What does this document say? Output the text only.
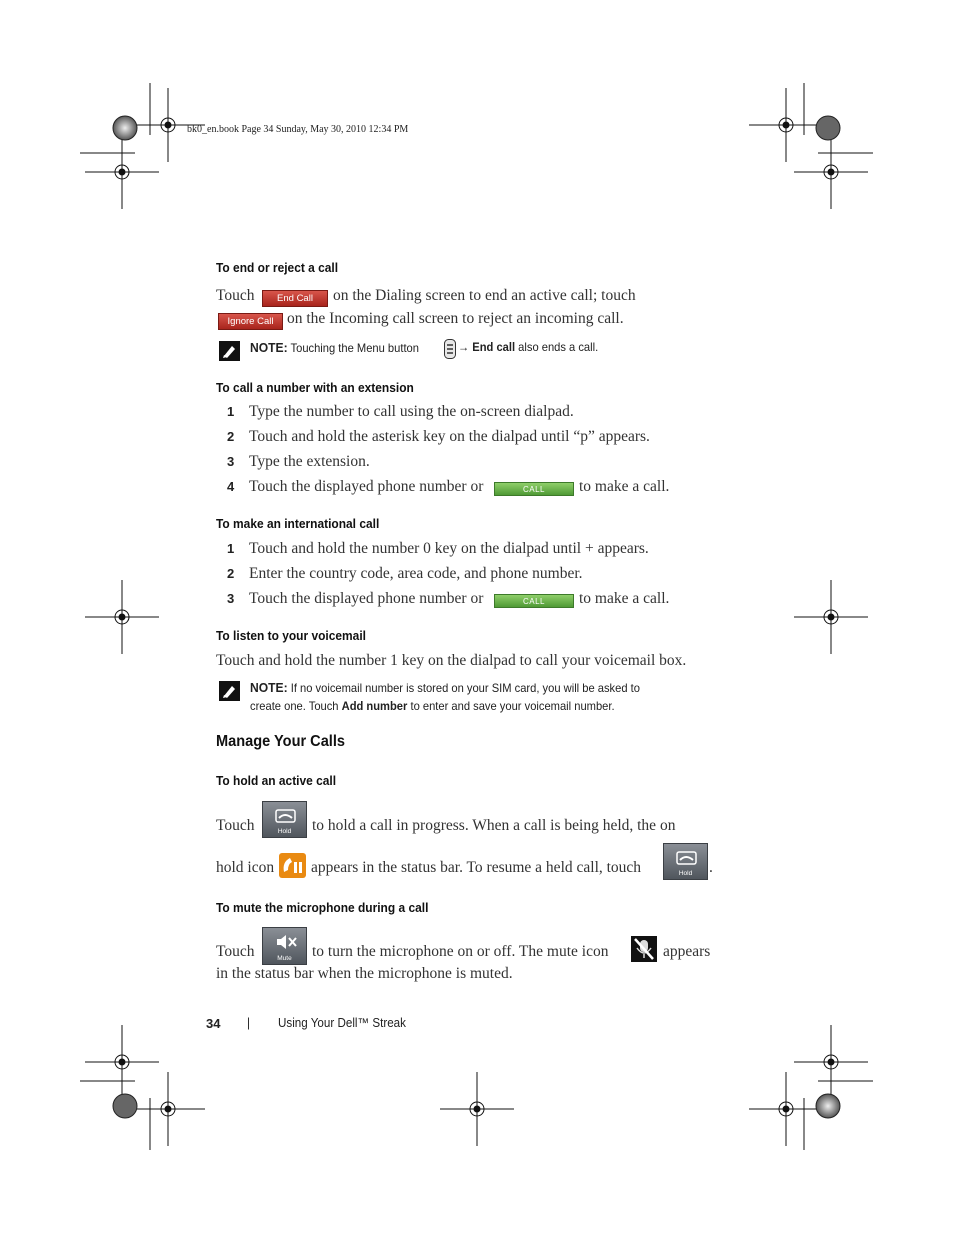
bk0_en.book Page 34 Sunday, May 30, 2010 12:34 PM
To end or reject a call
Touch	End Call	on the Dialing screen to end an active call; touch
Ignore Call on the Incoming call screen to reject an incoming call.
NOTE: Touching the Menu button	→ End call also ends a call.
To call a number with an extension
1 Type the number to call using the on-screen dialpad.
2 Touch and hold the asterisk key on the dialpad until “p” appears.
3 Type the extension.
4 Touch the displayed phone number or	CALL	to make a call.
To make an international call
1 Touch and hold the number 0 key on the dialpad until + appears.
2 Enter the country code, area code, and phone number.
3 Touch the displayed phone number or	CALL	to make a call.
To listen to your voicemail
Touch and hold the number 1 key on the dialpad to call your voicemail box.
NOTE: If no voicemail number is stored on your SIM card, you will be asked to
create one. Touch Add number to enter and save your voicemail number.
Manage Your Calls
To hold an active call
Touch	Hold	to hold a call in progress. When a call is being held, the on
hold icon appears in the status bar. To resume a held call, touch	Hold	.
To mute the microphone during a call
Touch	Mute	to turn the microphone on or off. The mute icon	appears
in the status bar when the microphone is muted.
34 | Using Your Dell™ Streak
